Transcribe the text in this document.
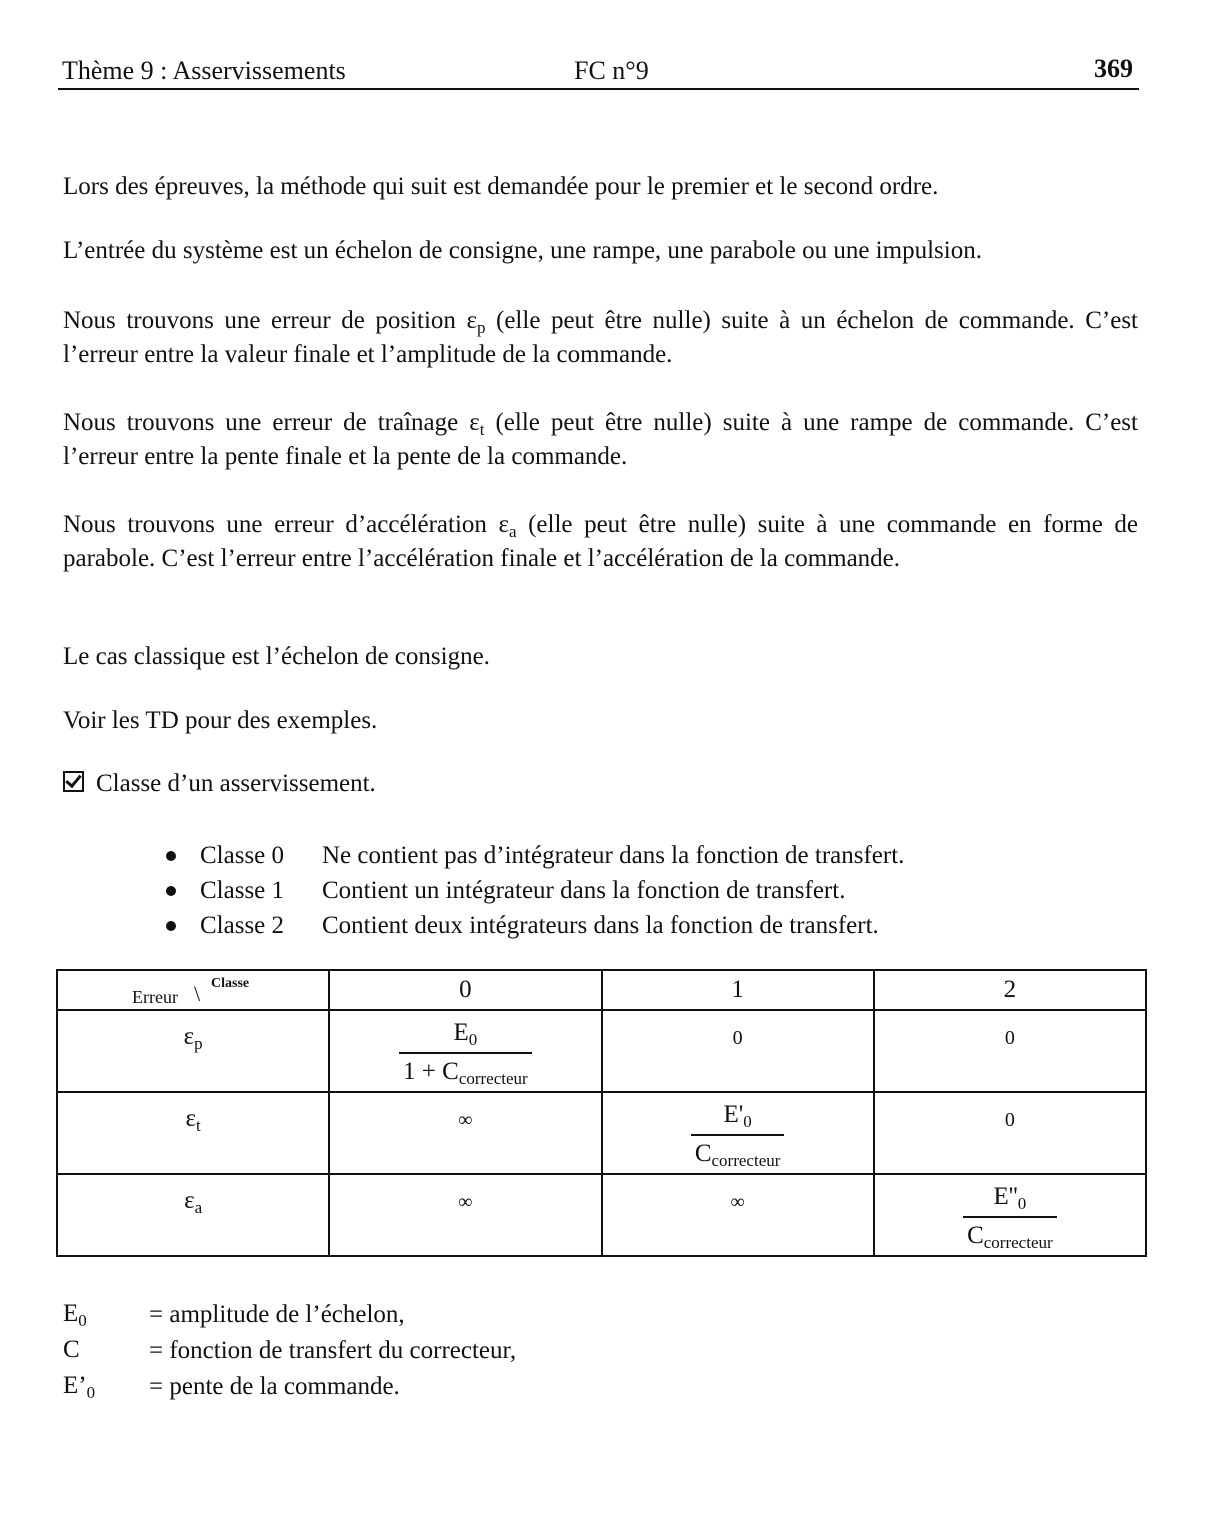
Thème 9 : Asservissements	FC n°9	369

Lors des épreuves, la méthode qui suit est demandée pour le premier et le second ordre.

L’entrée du système est un échelon de consigne, une rampe, une parabole ou une impulsion.

Nous trouvons une erreur de position $\varepsilon_p$ (elle peut être nulle) suite à un échelon de commande. C’est l’erreur entre la valeur finale et l’amplitude de la commande.

Nous trouvons une erreur de traînage $\varepsilon_t$ (elle peut être nulle) suite à une rampe de commande. C’est l’erreur entre la pente finale et la pente de la commande.

Nous trouvons une erreur d’accélération $\varepsilon_a$ (elle peut être nulle) suite à une commande en forme de parabole. C’est l’erreur entre l’accélération finale et l’accélération de la commande.

Le cas classique est l’échelon de consigne.

Voir les TD pour des exemples.

Classe d’un asservissement.
Classe 0	Ne contient pas d’intégrateur dans la fonction de transfert.
Classe 1	Contient un intégrateur dans la fonction de transfert.
Classe 2	Contient deux intégrateurs dans la fonction de transfert.
Erreur \ Classe	0	1	2
$\varepsilon_p$	$\frac{E_0}{1 + C_{correcteur}}$	0	0
$\varepsilon_t$	∞	$\frac{E'_0}{C_{correcteur}}$	0
$\varepsilon_a$	∞	∞	$\frac{E''_0}{C_{correcteur}}$
$E_0$	= amplitude de l’échelon,
C	= fonction de transfert du correcteur,
$E’_0$	= pente de la commande.
